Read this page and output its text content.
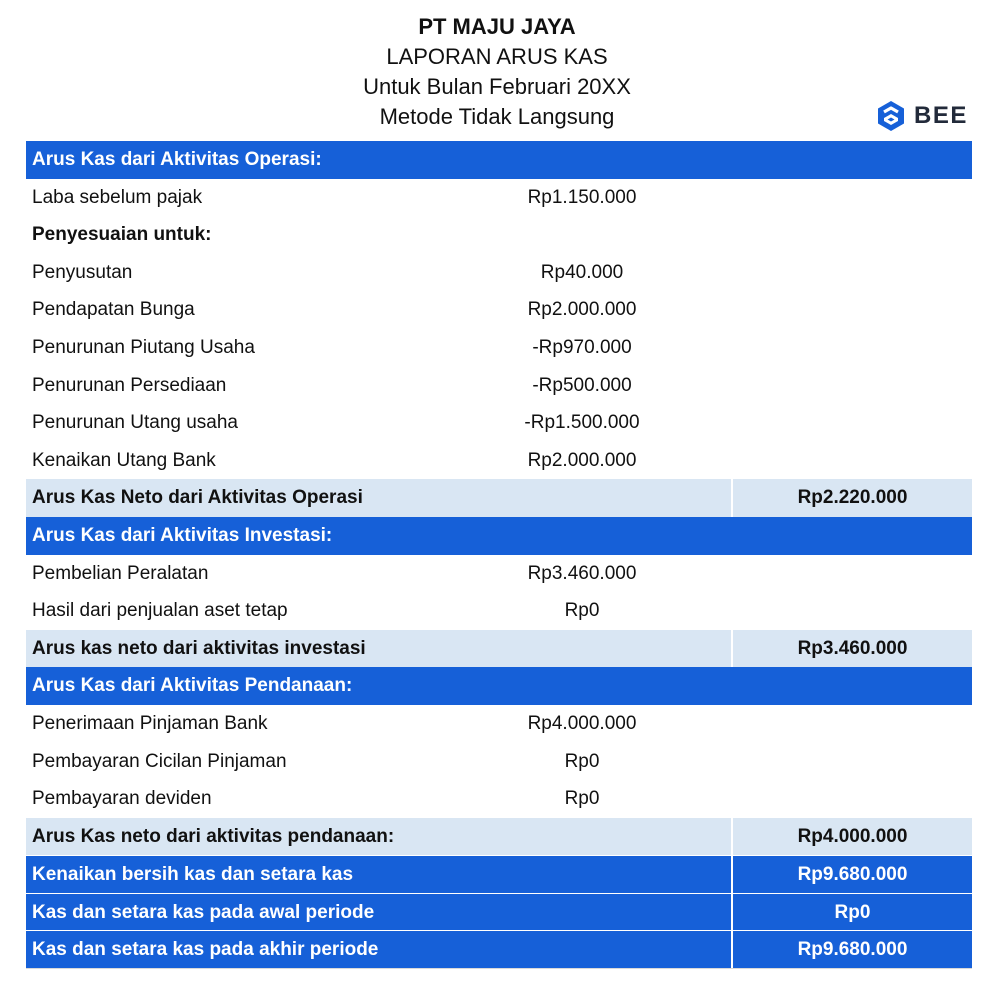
PT MAJU JAYA
LAPORAN ARUS KAS
Untuk Bulan Februari 20XX
Metode Tidak Langsung	BEE
Arus Kas dari Aktivitas Operasi:
Laba sebelum pajak	Rp1.150.000
Penyesuaian untuk:
Penyusutan	Rp40.000
Pendapatan Bunga	Rp2.000.000
Penurunan Piutang Usaha	-Rp970.000
Penurunan Persediaan	-Rp500.000
Penurunan Utang usaha	-Rp1.500.000
Kenaikan Utang Bank	Rp2.000.000
Arus Kas Neto dari Aktivitas Operasi	Rp2.220.000
Arus Kas dari Aktivitas Investasi:
Pembelian Peralatan	Rp3.460.000
Hasil dari penjualan aset tetap	Rp0
Arus kas neto dari aktivitas investasi	Rp3.460.000
Arus Kas dari Aktivitas Pendanaan:
Penerimaan Pinjaman Bank	Rp4.000.000
Pembayaran Cicilan Pinjaman	Rp0
Pembayaran deviden	Rp0
Arus Kas neto dari aktivitas pendanaan:	Rp4.000.000
Kenaikan bersih kas dan setara kas	Rp9.680.000
Kas dan setara kas pada awal periode	Rp0
Kas dan setara kas pada akhir periode	Rp9.680.000
